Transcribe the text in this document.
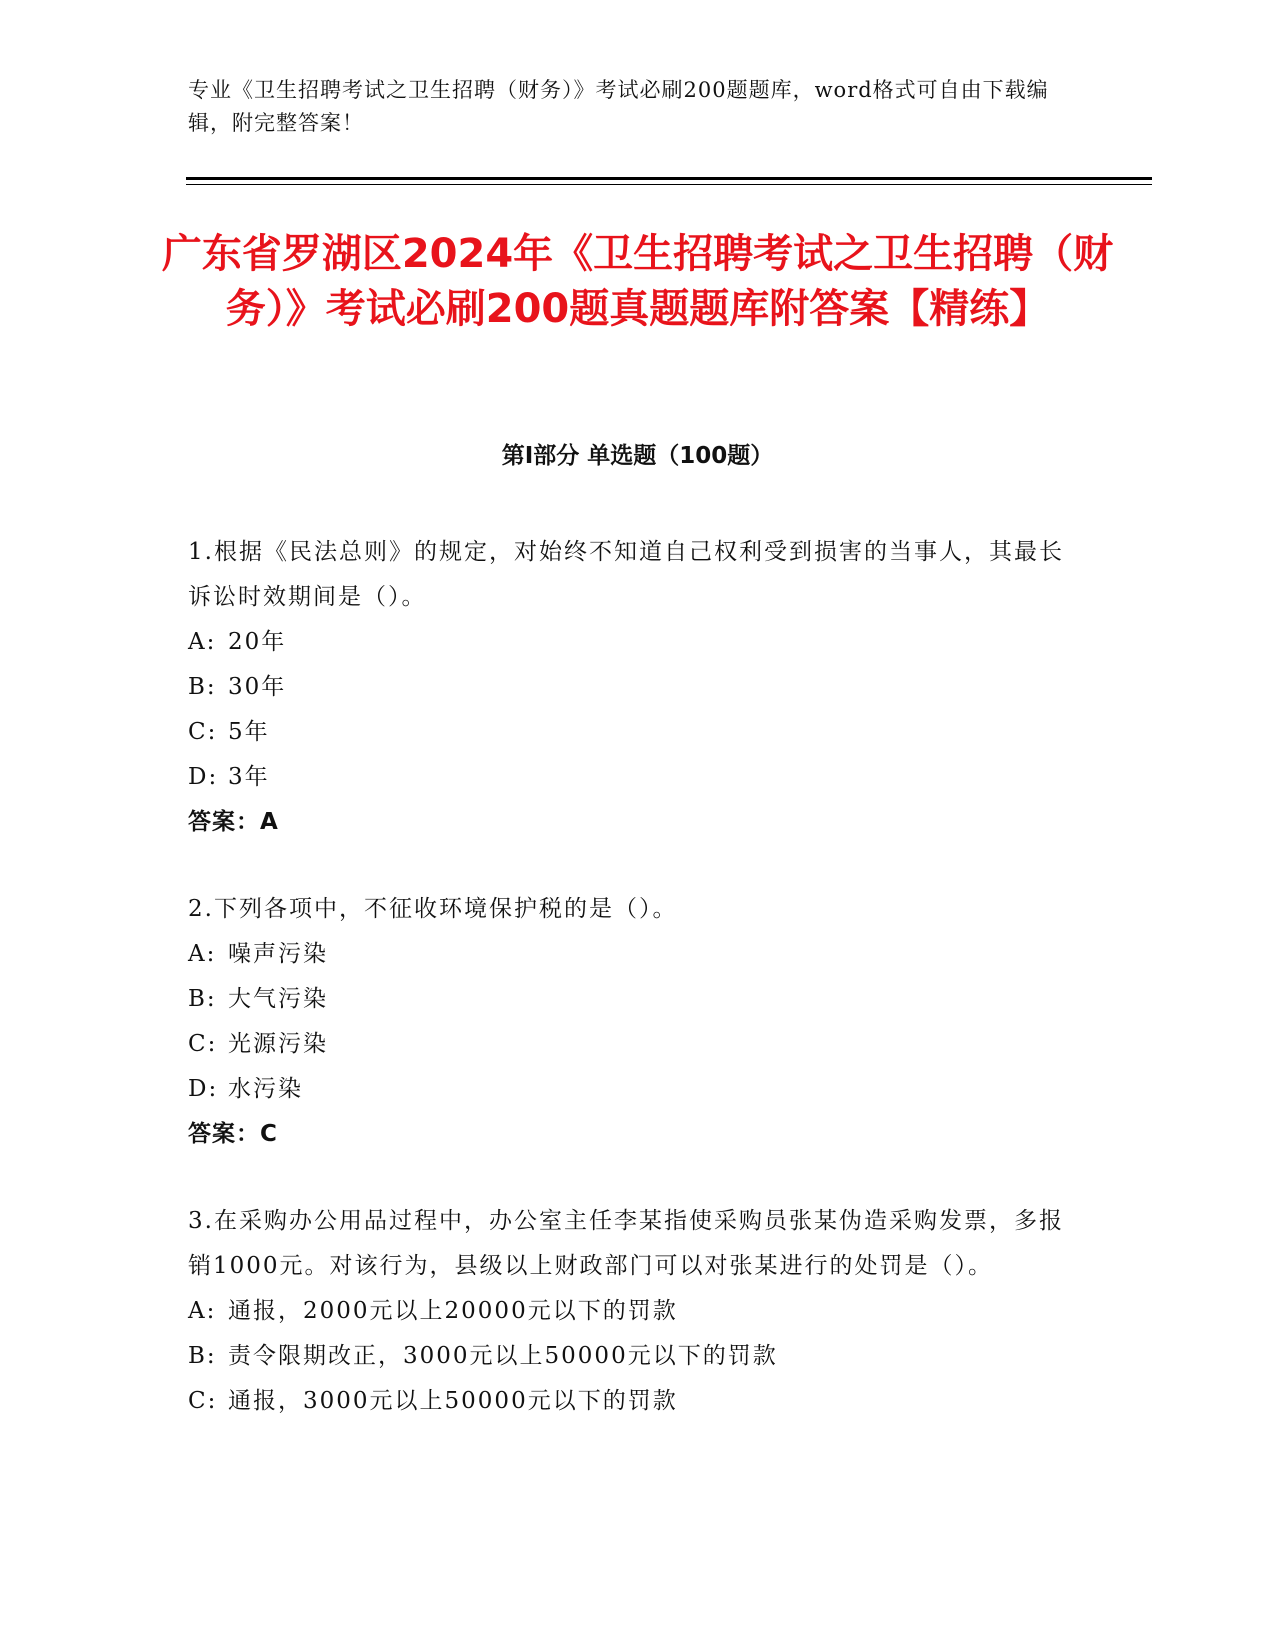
专业《卫生招聘考试之卫生招聘（财务）》考试必刷200题题库，word格式可自由下载编辑，附完整答案！
广东省罗湖区2024年《卫生招聘考试之卫生招聘（财务）》考试必刷200题真题题库附答案【精练】
第Ⅰ部分 单选题（100题）

1.根据《民法总则》的规定，对始终不知道自己权利受到损害的当事人，其最长诉讼时效期间是（）。

A: 20年

B: 30年

C: 5年

D: 3年

答案：A

2.下列各项中，不征收环境保护税的是（）。

A: 噪声污染

B: 大气污染

C: 光源污染

D: 水污染

答案：C

3.在采购办公用品过程中，办公室主任李某指使采购员张某伪造采购发票，多报销1000元。对该行为，县级以上财政部门可以对张某进行的处罚是（）。

A: 通报，2000元以上20000元以下的罚款

B: 责令限期改正，3000元以上50000元以下的罚款

C: 通报，3000元以上50000元以下的罚款
